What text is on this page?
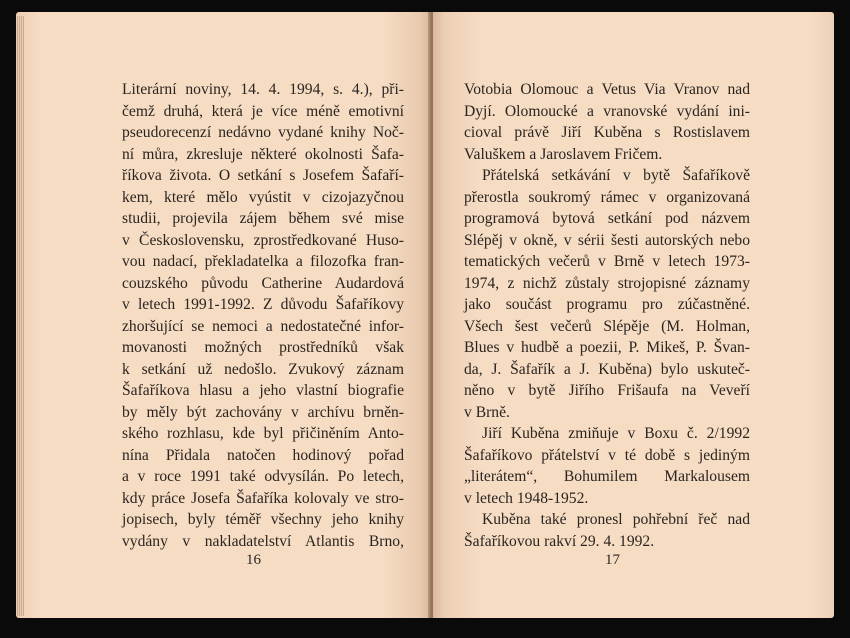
Literární noviny, 14. 4. 1994, s. 4.), při-
čemž druhá, která je více méně emotivní
pseudorecenzí nedávno vydané knihy Noč-
ní můra, zkresluje některé okolnosti Šafa-
říkova života. O setkání s Josefem Šafaří-
kem, které mělo vyústit v cizojazyčnou
studii, projevila zájem během své mise
v Československu, zprostředkované Huso-
vou nadací, překladatelka a filozofka fran-
couzského původu Catherine Audardová
v letech 1991-1992. Z důvodu Šafaříkovy
zhoršující se nemoci a nedostatečné infor-
movanosti možných prostředníků však
k setkání už nedošlo. Zvukový záznam
Šafaříkova hlasu a jeho vlastní biografie
by měly být zachovány v archívu brněn-
ského rozhlasu, kde byl přičiněním Anto-
nína Přidala natočen hodinový pořad
a v roce 1991 také odvysílán. Po letech,
kdy práce Josefa Šafaříka kolovaly ve stro-
jopisech, byly téměř všechny jeho knihy
vydány v nakladatelství Atlantis Brno,
16
Votobia Olomouc a Vetus Via Vranov nad
Dyjí. Olomoucké a vranovské vydání ini-
cioval právě Jiří Kuběna s Rostislavem
Valuškem a Jaroslavem Fričem.
Přátelská setkávání v bytě Šafaříkově
přerostla soukromý rámec v organizovaná
programová bytová setkání pod názvem
Slépěj v okně, v sérii šesti autorských nebo
tematických večerů v Brně v letech 1973-
1974, z nichž zůstaly strojopisné záznamy
jako součást programu pro zúčastněné.
Všech šest večerů Slépěje (M. Holman,
Blues v hudbě a poezii, P. Mikeš, P. Švan-
da, J. Šafařík a J. Kuběna) bylo uskuteč-
něno v bytě Jiřího Frišaufa na Veveří
v Brně.
Jiří Kuběna zmiňuje v Boxu č. 2/1992
Šafaříkovo přátelství v té době s jediným
„literátem“, Bohumilem Markalousem
v letech 1948-1952.
Kuběna také pronesl pohřební řeč nad
Šafaříkovou rakví 29. 4. 1992.
17
